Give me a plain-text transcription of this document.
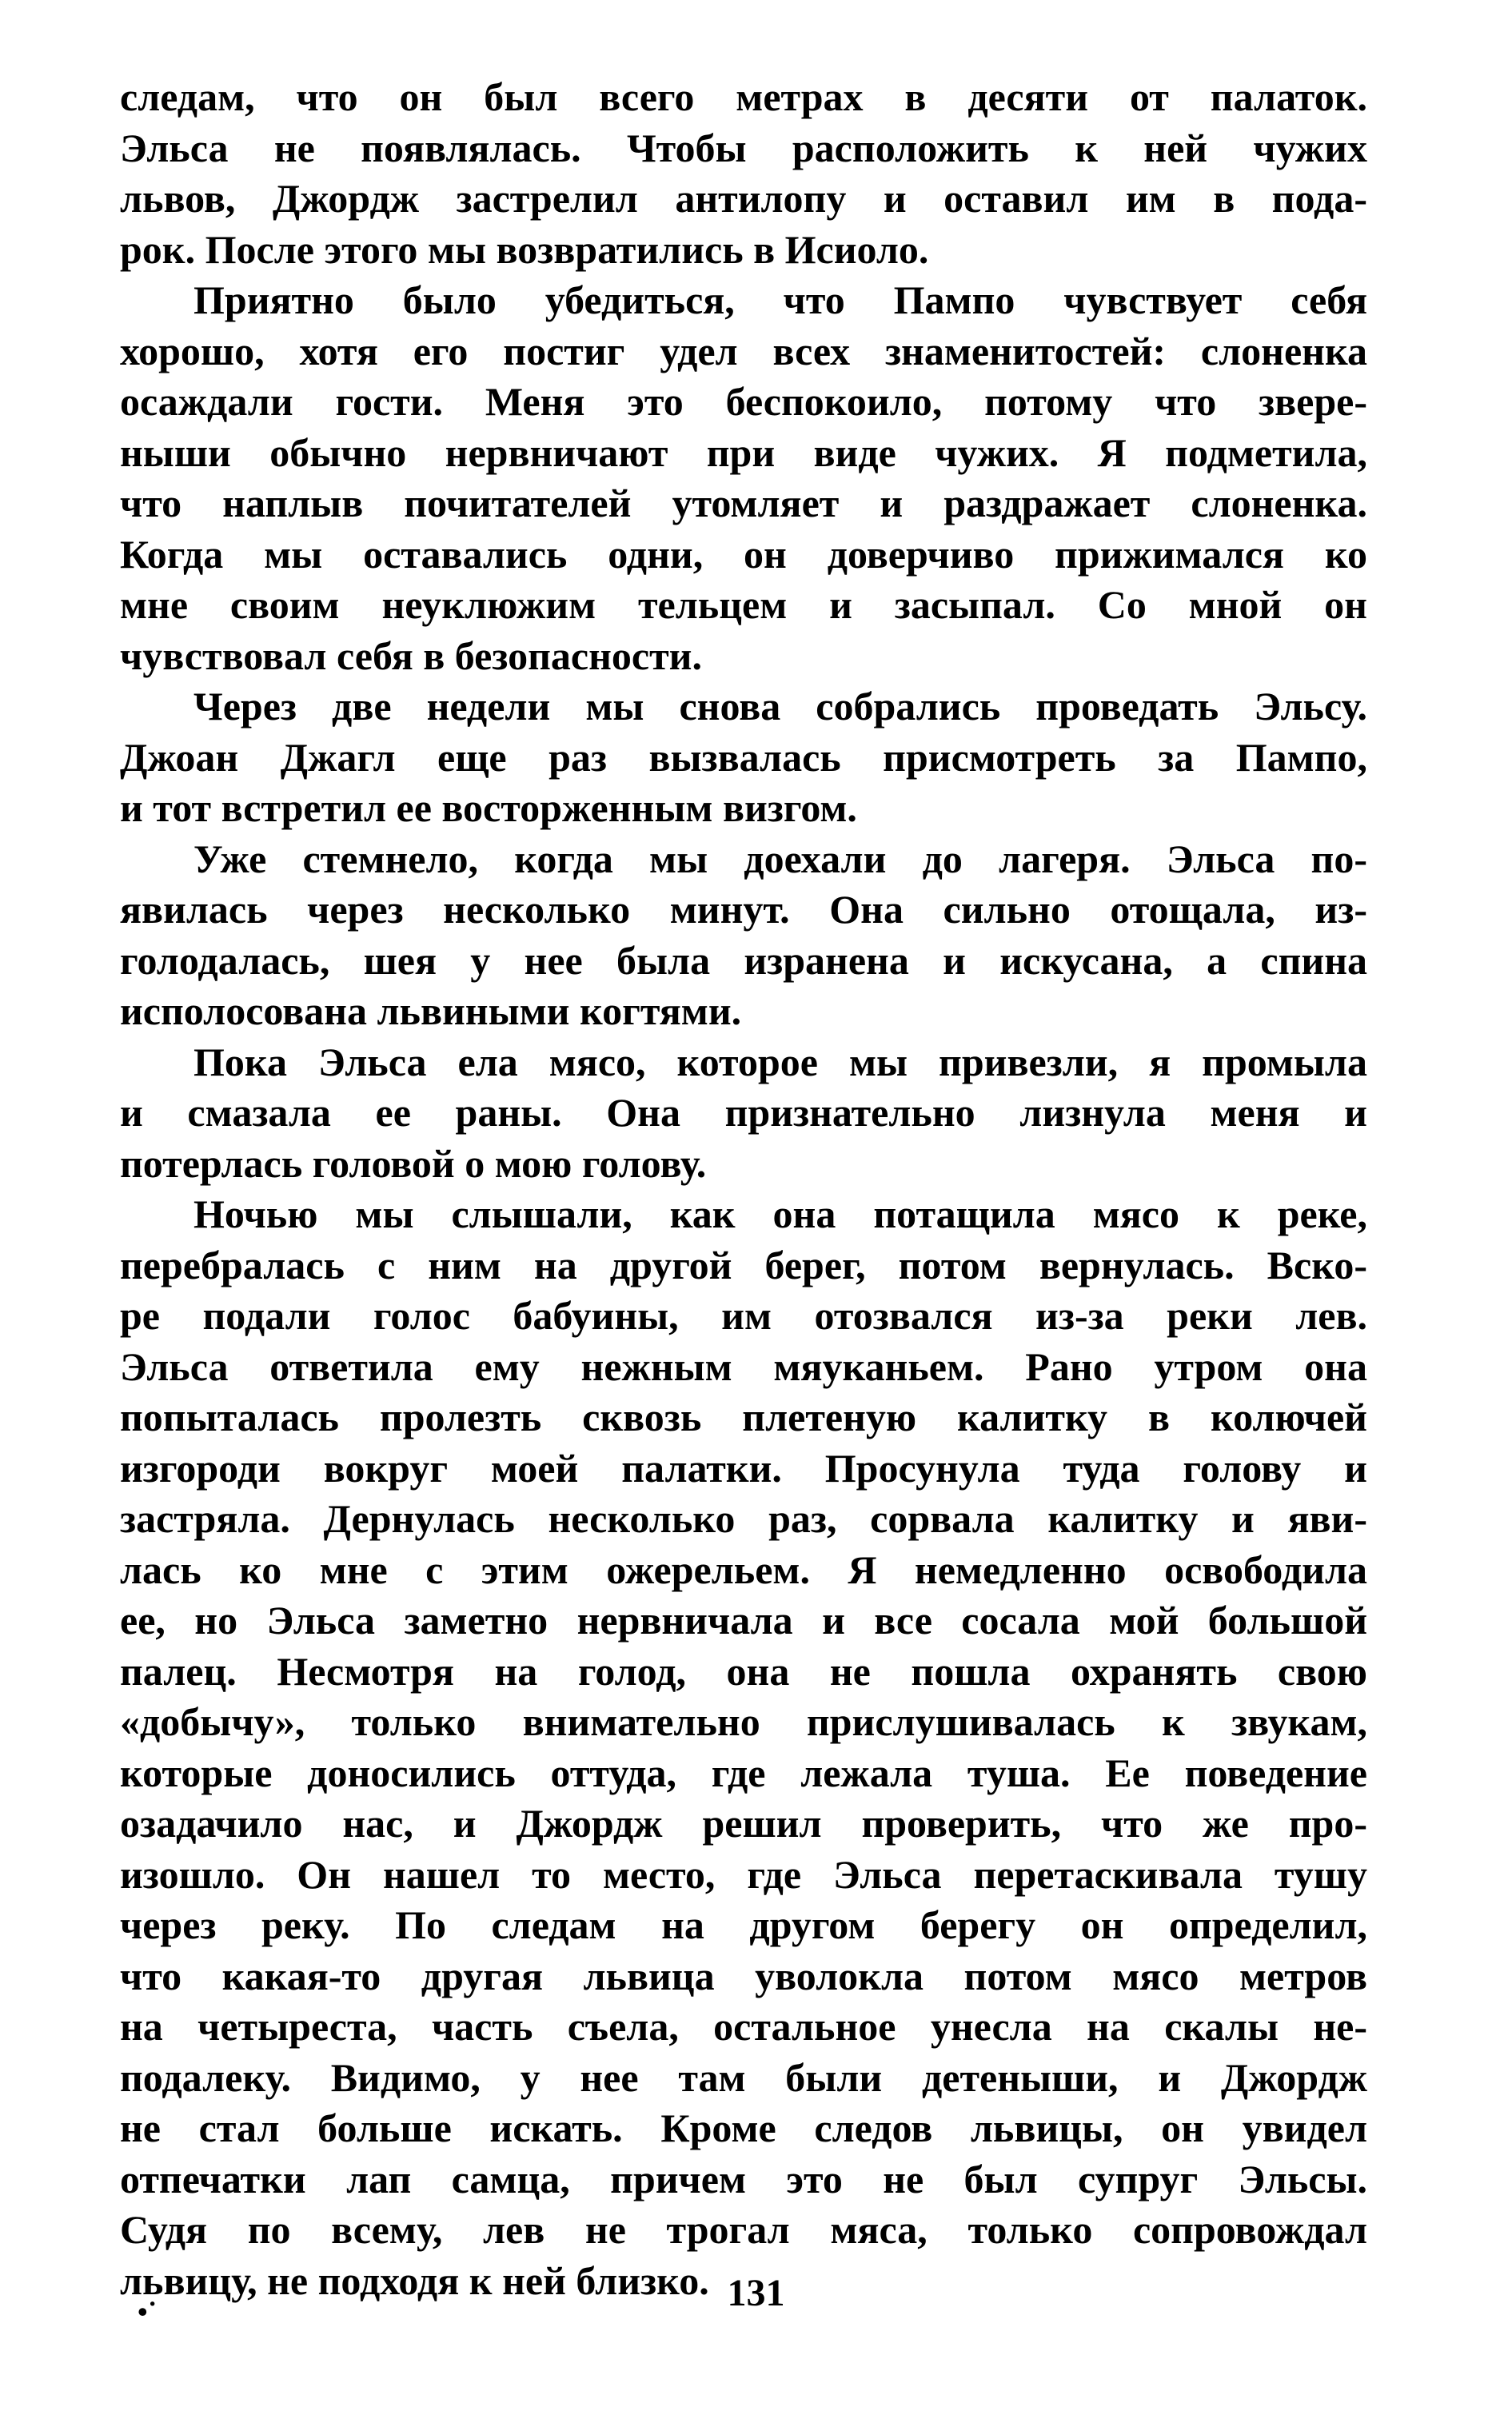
следам, что он был всего метрах в десяти от палаток.
Эльса не появлялась. Чтобы расположить к ней чужих
львов, Джордж застрелил антилопу и оставил им в пода-
рок. После этого мы возвратились в Исиоло.
Приятно было убедиться, что Пампо чувствует себя
хорошо, хотя его постиг удел всех знаменитостей: слоненка
осаждали гости. Меня это беспокоило, потому что звере-
ныши обычно нервничают при виде чужих. Я подметила,
что наплыв почитателей утомляет и раздражает слоненка.
Когда мы оставались одни, он доверчиво прижимался ко
мне своим неуклюжим тельцем и засыпал. Со мной он
чувствовал себя в безопасности.
Через две недели мы снова собрались проведать Эльсу.
Джоан Джагл еще раз вызвалась присмотреть за Пампо,
и тот встретил ее восторженным визгом.
Уже стемнело, когда мы доехали до лагеря. Эльса по-
явилась через несколько минут. Она сильно отощала, из-
голодалась, шея у нее была изранена и искусана, а спина
исполосована львиными когтями.
Пока Эльса ела мясо, которое мы привезли, я промыла
и смазала ее раны. Она признательно лизнула меня и
потерлась головой о мою голову.
Ночью мы слышали, как она потащила мясо к реке,
перебралась с ним на другой берег, потом вернулась. Вско-
ре подали голос бабуины, им отозвался из-за реки лев.
Эльса ответила ему нежным мяуканьем. Рано утром она
попыталась пролезть сквозь плетеную калитку в колючей
изгороди вокруг моей палатки. Просунула туда голову и
застряла. Дернулась несколько раз, сорвала калитку и яви-
лась ко мне с этим ожерельем. Я немедленно освободила
ее, но Эльса заметно нервничала и все сосала мой большой
палец. Несмотря на голод, она не пошла охранять свою
«добычу», только внимательно прислушивалась к звукам,
которые доносились оттуда, где лежала туша. Ее поведение
озадачило нас, и Джордж решил проверить, что же про-
изошло. Он нашел то место, где Эльса перетаскивала тушу
через реку. По следам на другом берегу он определил,
что какая-то другая львица уволокла потом мясо метров
на четыреста, часть съела, остальное унесла на скалы не-
подалеку. Видимо, у нее там были детеныши, и Джордж
не стал больше искать. Кроме следов львицы, он увидел
отпечатки лап самца, причем это не был супруг Эльсы.
Судя по всему, лев не трогал мяса, только сопровождал
львицу, не подходя к ней близко. 131
•˙
